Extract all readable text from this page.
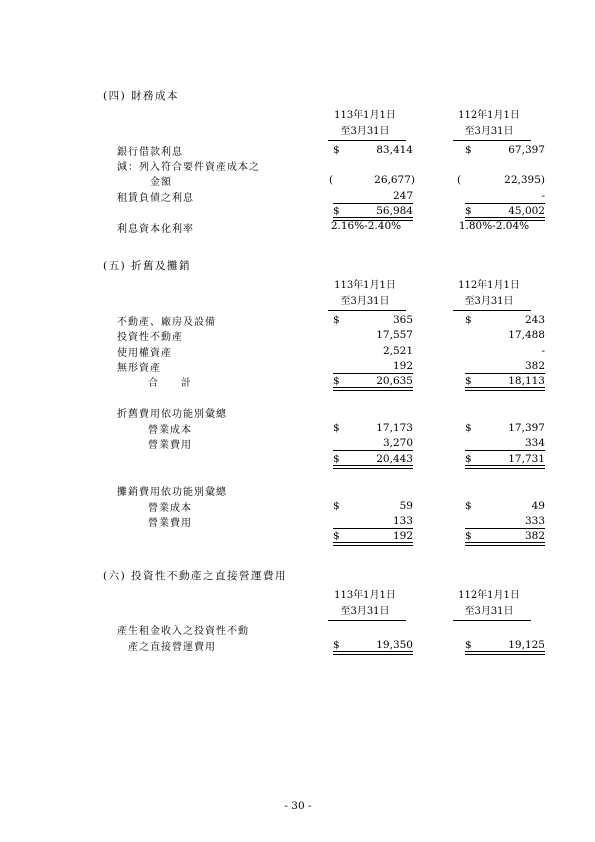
(四) 財務成本
113年1月1日
至3月31日
112年1月1日
至3月31日
銀行借款利息	$	83,414	$	67,397
減：列入符合要件資產成本之
金額	(	26,677)	(	22,395)
租賃負債之利息	247	-
$	56,984	$	45,002
利息資本化利率	2.16%-2.40%	1.80%-2.04%
(五) 折舊及攤銷
113年1月1日
至3月31日
112年1月1日
至3月31日
不動產、廠房及設備	$	365	$	243
投資性不動產	17,557	17,488
使用權資產	2,521	-
無形資產	192	382
合　　計	$	20,635	$	18,113
折舊費用依功能別彙總
營業成本	$	17,173	$	17,397
營業費用	3,270	334
$	20,443	$	17,731
攤銷費用依功能別彙總
營業成本	$	59	$	49
營業費用	133	333
$	192	$	382
(六) 投資性不動產之直接營運費用
113年1月1日
至3月31日
112年1月1日
至3月31日
產生租金收入之投資性不動
產之直接營運費用	$	19,350	$	19,125
- 30 -
